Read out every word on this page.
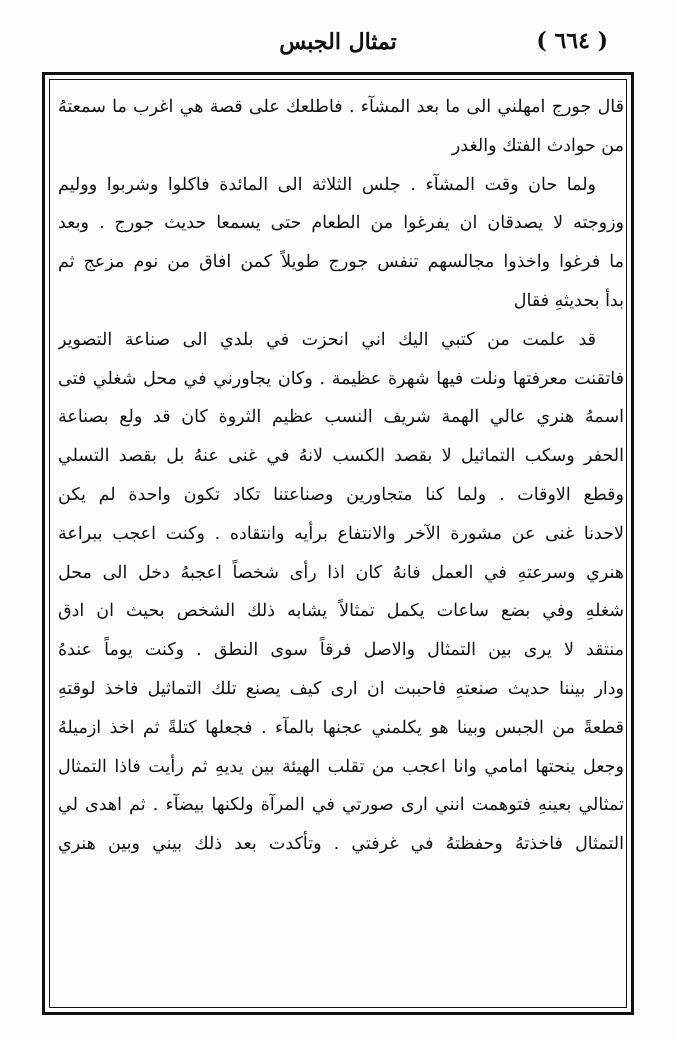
تمثال الجبس	( ٦٦٤ )
قال جورج امهلني الى ما بعد المشآء . فاطلعك على قصة هي اغرب ما سمعتهُ
من حوادث الفتك والغدر
ولما حان وقت المشآء . جلس الثلاثة الى المائدة فاكلوا وشربوا ووليم
وزوجته لا يصدقان ان يفرغوا من الطعام حتى يسمعا حديث جورج . وبعد
ما فرغوا واخذوا مجالسهم تنفس جورج طويلاً كمن افاق من نوم مزعج ثم
بدأ بحديثهِ فقال
قد علمت من كتبي اليك اني انحزت في بلدي الى صناعة التصوير
فاتقنت معرفتها ونلت فيها شهرة عظيمة . وكان يجاورني في محل شغلي فتى
اسمهُ هنري عالي الهمة شريف النسب عظيم الثروة كان قد ولع بصناعة
الحفر وسكب التماثيل لا بقصد الكسب لانهُ في غنى عنهُ بل بقصد التسلي
وقطع الاوقات . ولما كنا متجاورين وصناعتنا تكاد تكون واحدة لم يكن
لاحدنا غنى عن مشورة الآخر والانتفاع برأيه وانتقاده . وكنت اعجب ببراعة
هنري وسرعتهِ في العمل فانهُ كان اذا رأى شخصاً اعجبهُ دخل الى محل
شغلهِ وفي بضع ساعات يكمل تمثالاً يشابه ذلك الشخص بحيث ان ادق
منتقد لا يرى بين التمثال والاصل فرقاً سوى النطق . وكنت يوماً عندهُ
ودار بيننا حديث صنعتهِ فاحببت ان ارى كيف يصنع تلك التماثيل فاخذ لوقتهِ
قطعةً من الجبس وبينا هو يكلمني عجنها بالمآء . فجعلها كتلةً ثم اخذ ازميلهُ
وجعل ينحتها امامي وانا اعجب من تقلب الهيئة بين يديهِ ثم رأيت فاذا التمثال
تمثالي بعينهِ فتوهمت انني ارى صورتي في المرآة ولكنها بيضآء . ثم اهدى لي
التمثال فاخذتهُ وحفظتهُ في غرفتي . وتأكدت بعد ذلك بيني وبين هنري
